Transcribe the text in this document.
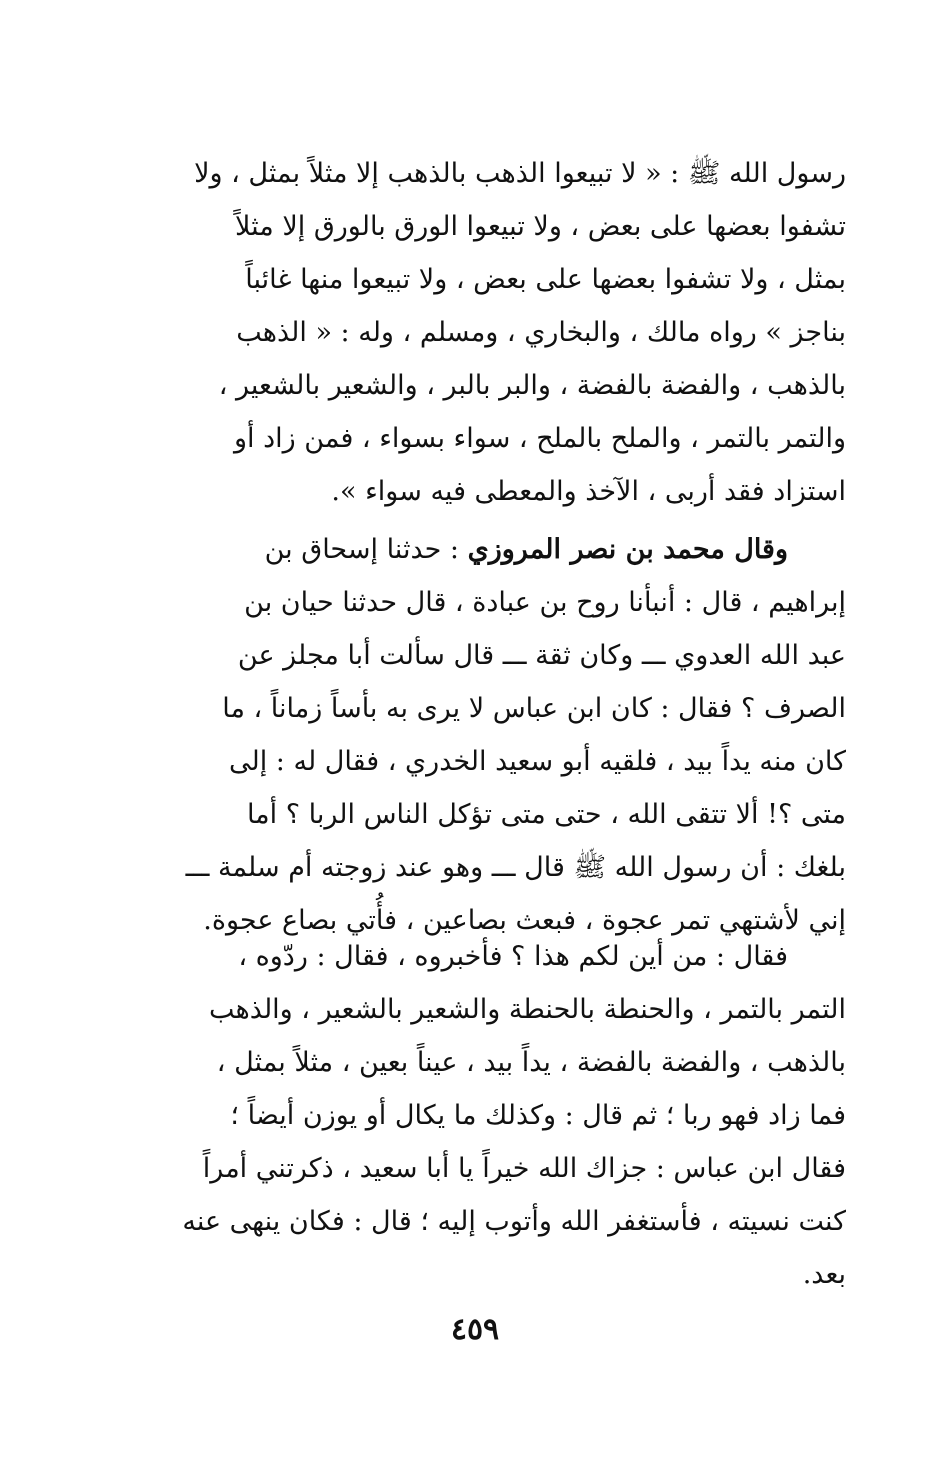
رسول الله ﷺ : « لا تبيعوا الذهب بالذهب إلا مثلاً بمثل ، ولا
تشفوا بعضها على بعض ، ولا تبيعوا الورق بالورق إلا مثلاً
بمثل ، ولا تشفوا بعضها على بعض ، ولا تبيعوا منها غائباً
بناجز » رواه مالك ، والبخاري ، ومسلم ، وله : « الذهب
بالذهب ، والفضة بالفضة ، والبر بالبر ، والشعير بالشعير ،
والتمر بالتمر ، والملح بالملح ، سواء بسواء ، فمن زاد أو
استزاد فقد أربى ، الآخذ والمعطى فيه سواء ».
وقال محمد بن نصر المروزي : حدثنا إسحاق بن
إبراهيم ، قال : أنبأنا روح بن عبادة ، قال حدثنا حيان بن
عبد الله العدوي ـــ وكان ثقة ـــ قال سألت أبا مجلز عن
الصرف ؟ فقال : كان ابن عباس لا يرى به بأساً زماناً ، ما
كان منه يداً بيد ، فلقيه أبو سعيد الخدري ، فقال له : إلى
متى ؟! ألا تتقى الله ، حتى متى تؤكل الناس الربا ؟ أما
بلغك : أن رسول الله ﷺ قال ـــ وهو عند زوجته أم سلمة ـــ
إني لأشتهي تمر عجوة ، فبعث بصاعين ، فأُتي بصاع عجوة.
فقال : من أين لكم هذا ؟ فأخبروه ، فقال : ردّوه ،
التمر بالتمر ، والحنطة بالحنطة والشعير بالشعير ، والذهب
بالذهب ، والفضة بالفضة ، يداً بيد ، عيناً بعين ، مثلاً بمثل ،
فما زاد فهو ربا ؛ ثم قال : وكذلك ما يكال أو يوزن أيضاً ؛
فقال ابن عباس : جزاك الله خيراً يا أبا سعيد ، ذكرتني أمراً
كنت نسيته ، فأستغفر الله وأتوب إليه ؛ قال : فكان ينهى عنه
بعد.
٤٥٩
